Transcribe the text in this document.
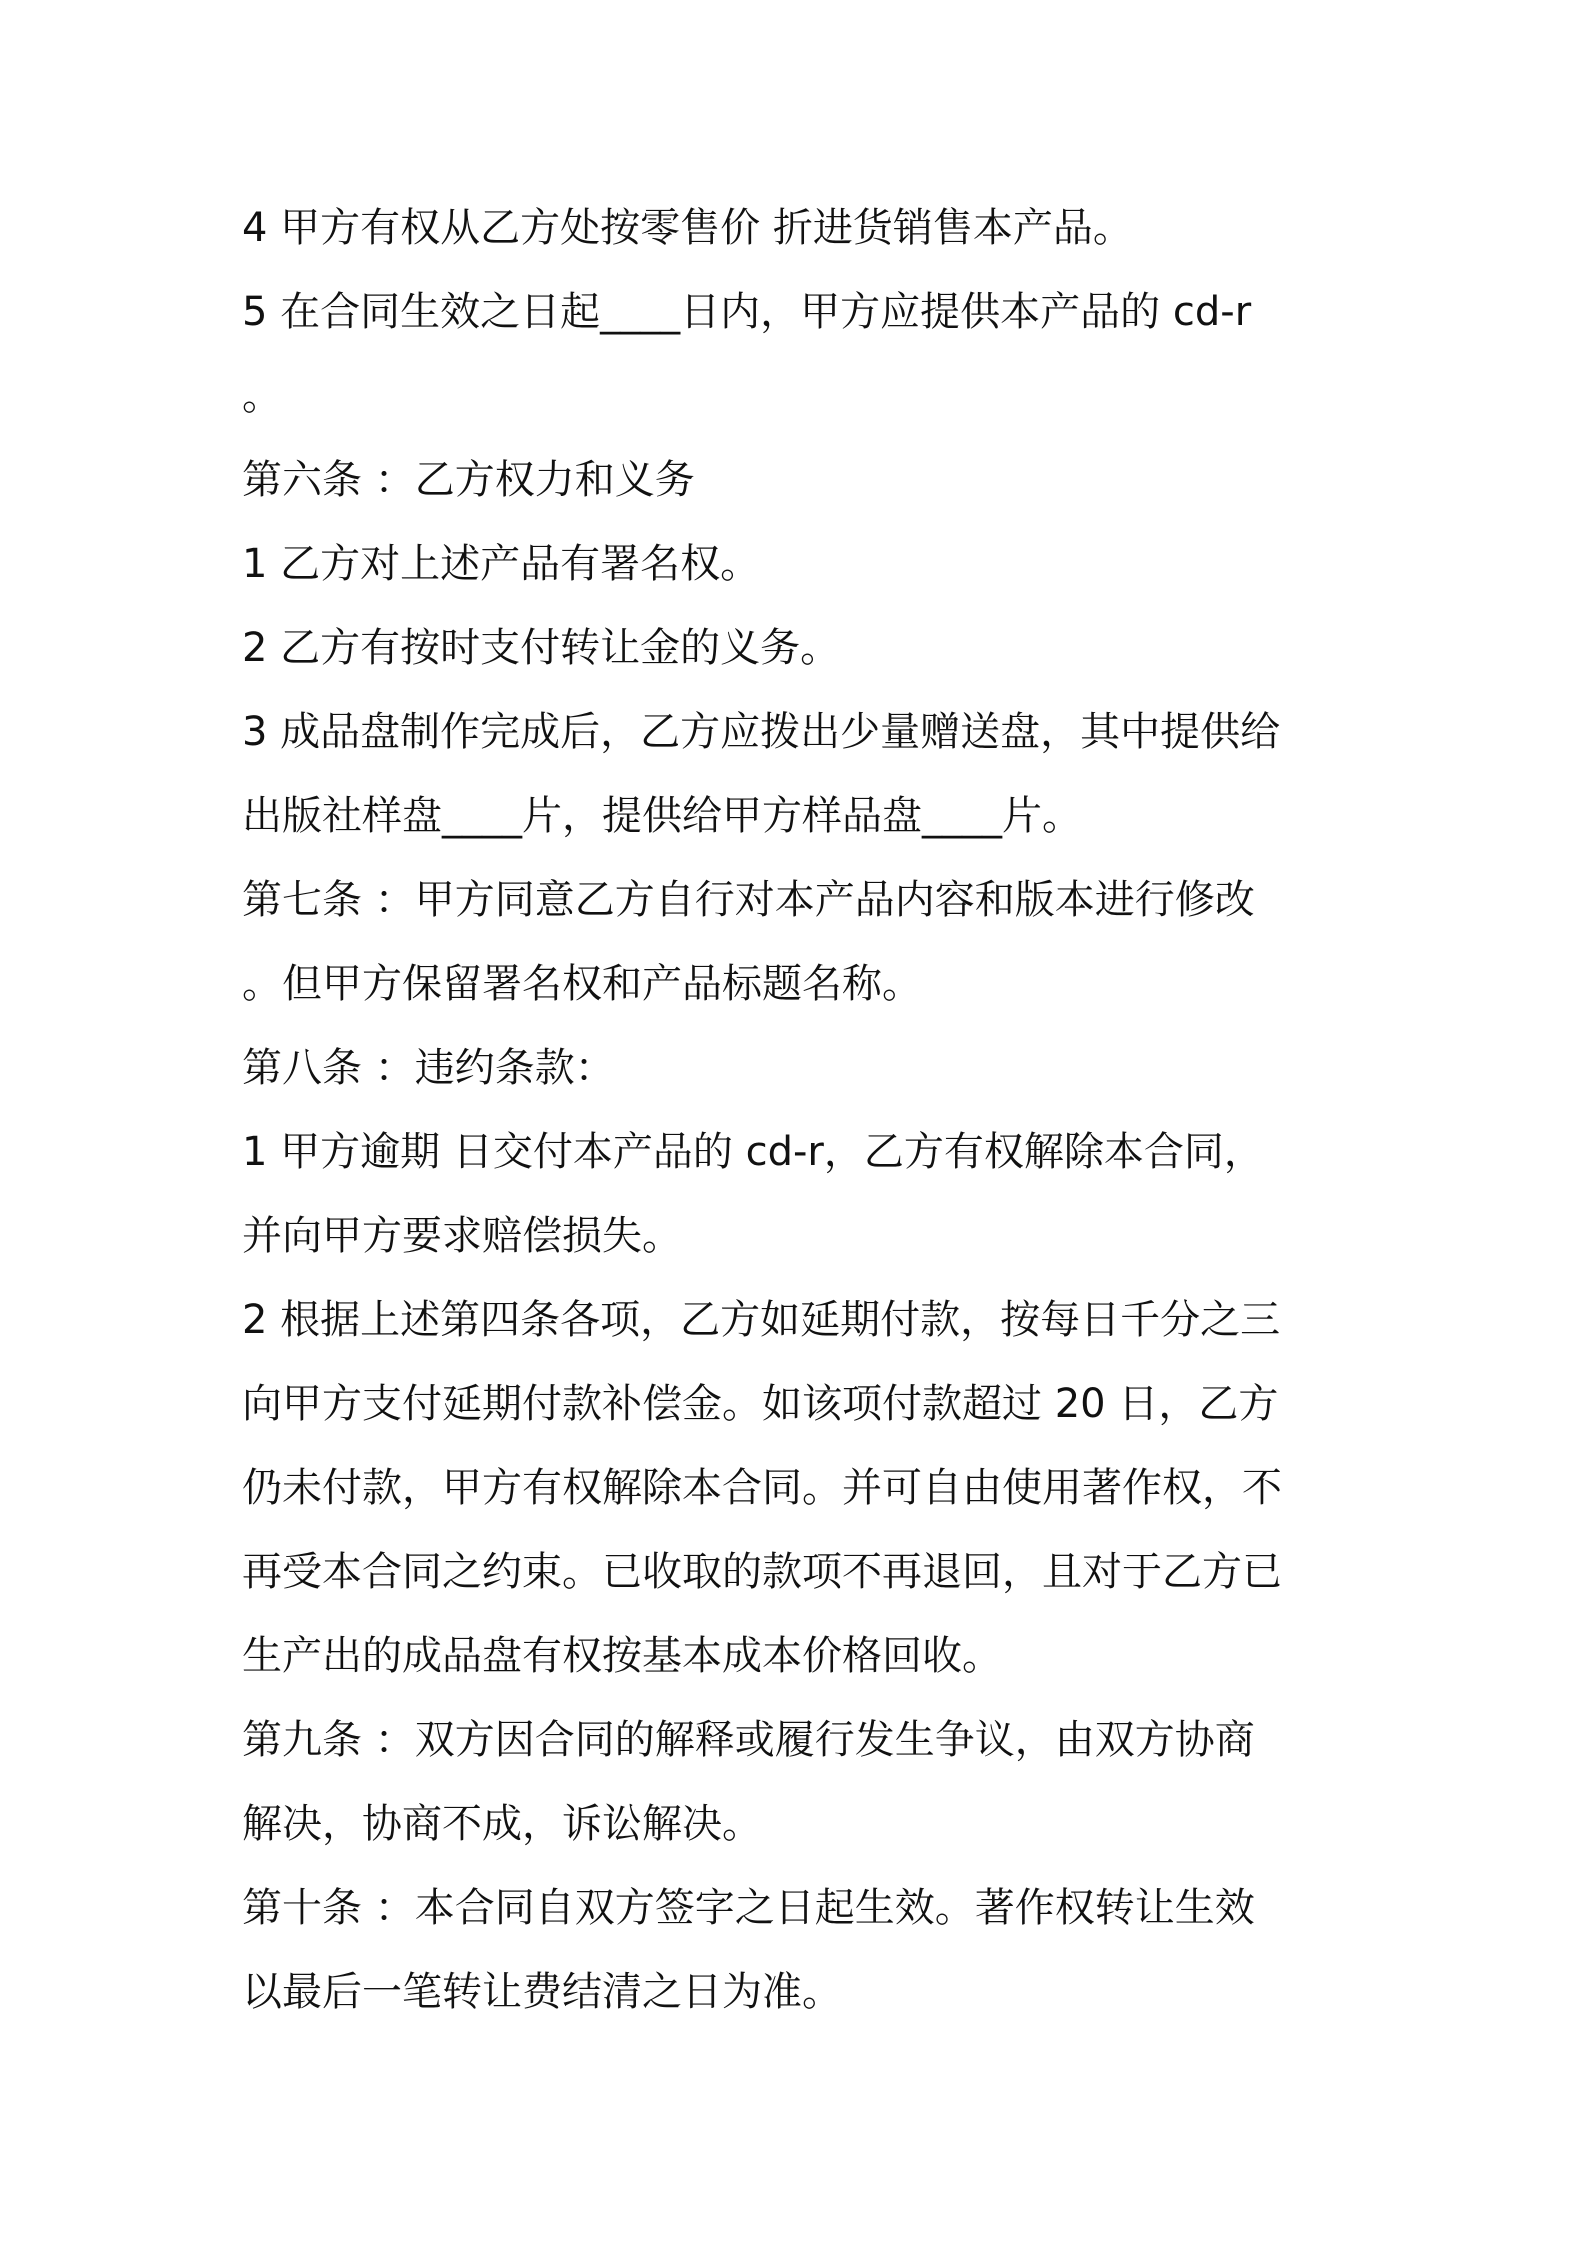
4 甲方有权从乙方处按零售价 折进货销售本产品。
5 在合同生效之日起____日内，甲方应提供本产品的 cd-r
。
第六条 ：乙方权力和义务
1 乙方对上述产品有署名权。
2 乙方有按时支付转让金的义务。
3 成品盘制作完成后，乙方应拨出少量赠送盘，其中提供给
出版社样盘____片，提供给甲方样品盘____片。
第七条 ：甲方同意乙方自行对本产品内容和版本进行修改
。但甲方保留署名权和产品标题名称。
第八条 ：违约条款：
1 甲方逾期 日交付本产品的 cd-r，乙方有权解除本合同，
并向甲方要求赔偿损失。
2 根据上述第四条各项，乙方如延期付款，按每日千分之三
向甲方支付延期付款补偿金。如该项付款超过 20 日，乙方
仍未付款，甲方有权解除本合同。并可自由使用著作权，不
再受本合同之约束。已收取的款项不再退回，且对于乙方已
生产出的成品盘有权按基本成本价格回收。
第九条 ：双方因合同的解释或履行发生争议，由双方协商
解决，协商不成，诉讼解决。
第十条 ：本合同自双方签字之日起生效。著作权转让生效
以最后一笔转让费结清之日为准。
